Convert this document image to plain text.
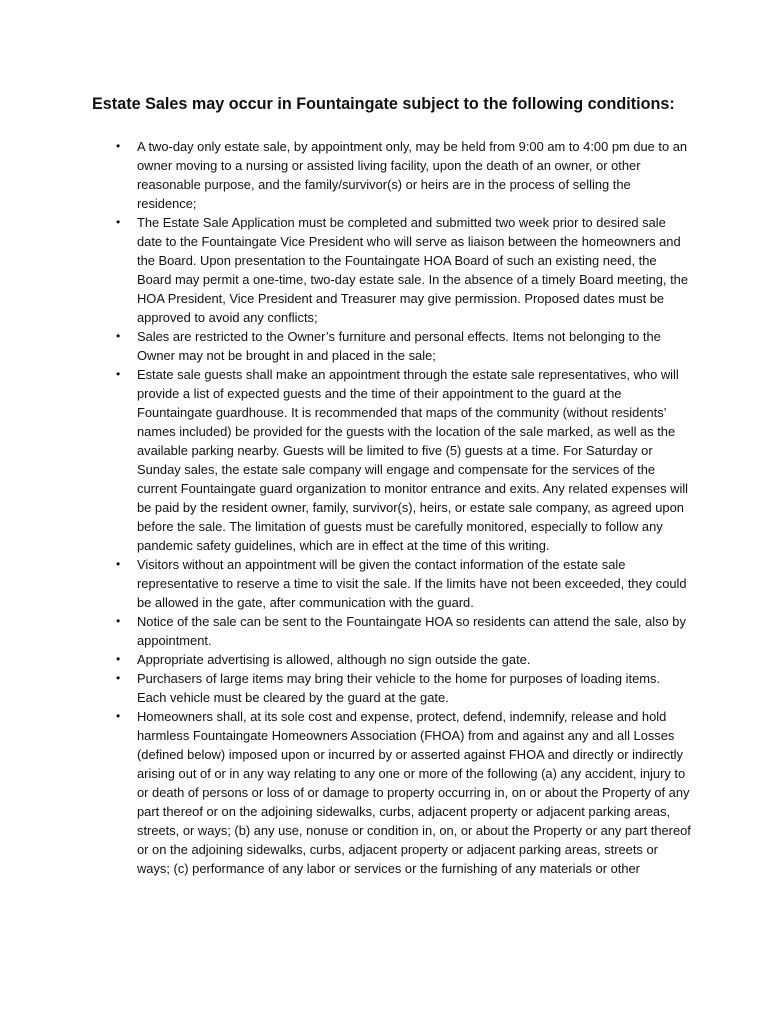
Estate Sales may occur in Fountaingate subject to the following conditions:
• A two-day only estate sale, by appointment only, may be held from 9:00 am to 4:00 pm due to an owner moving to a nursing or assisted living facility, upon the death of an owner, or other reasonable purpose, and the family/survivor(s) or heirs are in the process of selling the residence;
• The Estate Sale Application must be completed and submitted two week prior to desired sale date to the Fountaingate Vice President who will serve as liaison between the homeowners and the Board. Upon presentation to the Fountaingate HOA Board of such an existing need, the Board may permit a one-time, two-day estate sale. In the absence of a timely Board meeting, the HOA President, Vice President and Treasurer may give permission. Proposed dates must be approved to avoid any conflicts;
• Sales are restricted to the Owner’s furniture and personal effects. Items not belonging to the Owner may not be brought in and placed in the sale;
• Estate sale guests shall make an appointment through the estate sale representatives, who will provide a list of expected guests and the time of their appointment to the guard at the Fountaingate guardhouse. It is recommended that maps of the community (without residents’ names included) be provided for the guests with the location of the sale marked, as well as the available parking nearby. Guests will be limited to five (5) guests at a time. For Saturday or Sunday sales, the estate sale company will engage and compensate for the services of the current Fountaingate guard organization to monitor entrance and exits. Any related expenses will be paid by the resident owner, family, survivor(s), heirs, or estate sale company, as agreed upon before the sale. The limitation of guests must be carefully monitored, especially to follow any pandemic safety guidelines, which are in effect at the time of this writing.
• Visitors without an appointment will be given the contact information of the estate sale representative to reserve a time to visit the sale. If the limits have not been exceeded, they could be allowed in the gate, after communication with the guard.
• Notice of the sale can be sent to the Fountaingate HOA so residents can attend the sale, also by appointment.
• Appropriate advertising is allowed, although no sign outside the gate.
• Purchasers of large items may bring their vehicle to the home for purposes of loading items. Each vehicle must be cleared by the guard at the gate.
• Homeowners shall, at its sole cost and expense, protect, defend, indemnify, release and hold harmless Fountaingate Homeowners Association (FHOA) from and against any and all Losses (defined below) imposed upon or incurred by or asserted against FHOA and directly or indirectly arising out of or in any way relating to any one or more of the following (a) any accident, injury to or death of persons or loss of or damage to property occurring in, on or about the Property of any part thereof or on the adjoining sidewalks, curbs, adjacent property or adjacent parking areas, streets, or ways; (b) any use, nonuse or condition in, on, or about the Property or any part thereof or on the adjoining sidewalks, curbs, adjacent property or adjacent parking areas, streets or ways; (c) performance of any labor or services or the furnishing of any materials or other
